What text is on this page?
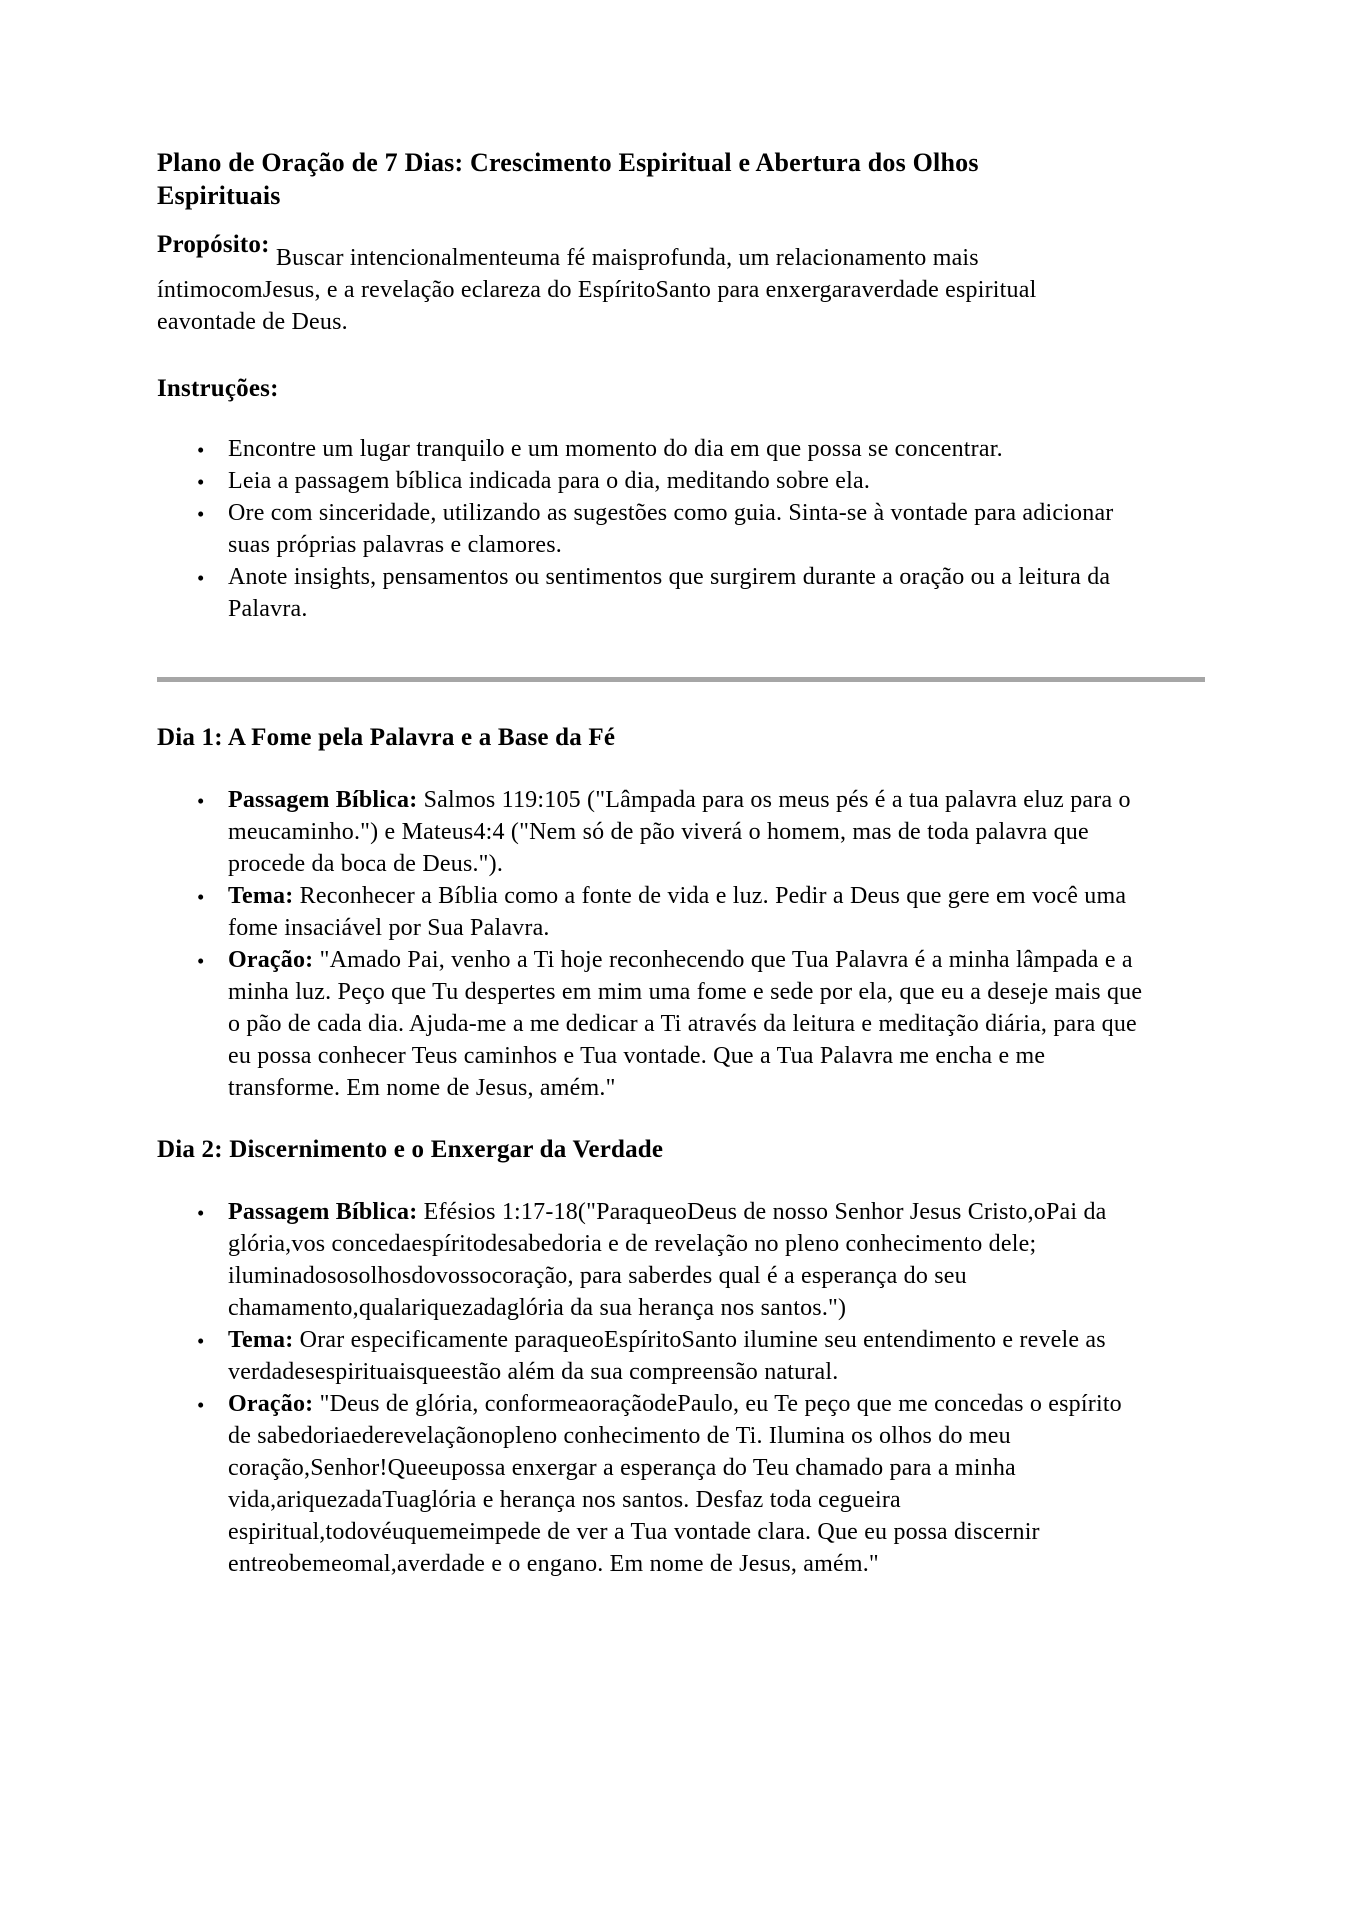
Plano de Oração de 7 Dias: Crescimento Espiritual e Abertura dos Olhos Espirituais

Propósito: Buscar intencionalmenteuma fé maisprofunda, um relacionamento mais íntimocomJesus, e a revelação eclareza do EspíritoSanto para enxergaraverdade espiritual eavontade de Deus.

Instruções:
• Encontre um lugar tranquilo e um momento do dia em que possa se concentrar.
• Leia a passagem bíblica indicada para o dia, meditando sobre ela.
• Ore com sinceridade, utilizando as sugestões como guia. Sinta-se à vontade para adicionar suas próprias palavras e clamores.
• Anote insights, pensamentos ou sentimentos que surgirem durante a oração ou a leitura da Palavra.
Dia 1: A Fome pela Palavra e a Base da Fé
• Passagem Bíblica: Salmos 119:105 ("Lâmpada para os meus pés é a tua palavra eluz para o meucaminho.") e Mateus4:4 ("Nem só de pão viverá o homem, mas de toda palavra que procede da boca de Deus.").
• Tema: Reconhecer a Bíblia como a fonte de vida e luz. Pedir a Deus que gere em você uma fome insaciável por Sua Palavra.
• Oração: "Amado Pai, venho a Ti hoje reconhecendo que Tua Palavra é a minha lâmpada e a minha luz. Peço que Tu despertes em mim uma fome e sede por ela, que eu a deseje mais que o pão de cada dia. Ajuda-me a me dedicar a Ti através da leitura e meditação diária, para que eu possa conhecer Teus caminhos e Tua vontade. Que a Tua Palavra me encha e me transforme. Em nome de Jesus, amém."
Dia 2: Discernimento e o Enxergar da Verdade
• Passagem Bíblica: Efésios 1:17-18("ParaqueoDeus de nosso Senhor Jesus Cristo,oPai da glória,vos concedaespíritodesabedoria e de revelação no pleno conhecimento dele; iluminadososolhosdovossocoração, para saberdes qual é a esperança do seu chamamento,qualariquezadaglória da sua herança nos santos.")
• Tema: Orar especificamente paraqueoEspíritoSanto ilumine seu entendimento e revele as verdadesespirituaisqueestão além da sua compreensão natural.
• Oração: "Deus de glória, conformeaoraçãodePaulo, eu Te peço que me concedas o espírito de sabedoriaederevelaçãonopleno conhecimento de Ti. Ilumina os olhos do meu coração,Senhor!Queeupossa enxergar a esperança do Teu chamado para a minha vida,ariquezadaTuaglória e herança nos santos. Desfaz toda cegueira espiritual,todovéuquemeimpede de ver a Tua vontade clara. Que eu possa discernir entreobemeomal,averdade e o engano. Em nome de Jesus, amém."
